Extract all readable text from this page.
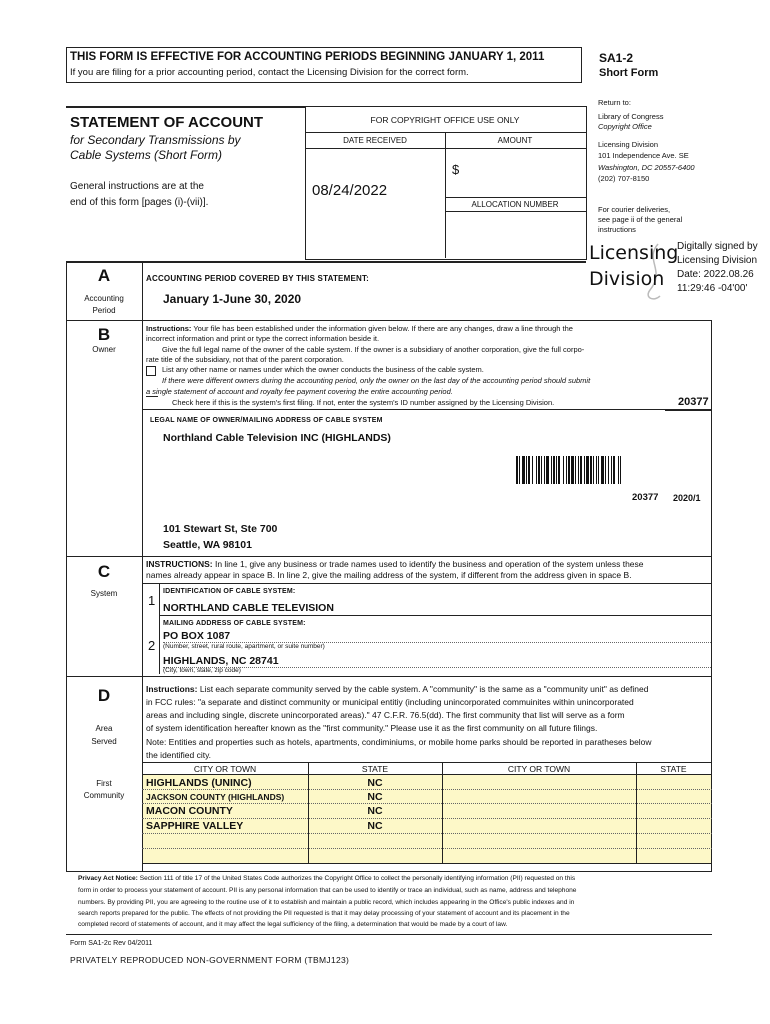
THIS FORM IS EFFECTIVE FOR ACCOUNTING PERIODS BEGINNING JANUARY 1, 2011
If you are filing for a prior accounting period, contact the Licensing Division for the correct form.
SA1-2
Short Form
STATEMENT OF ACCOUNT
for Secondary Transmissions by
Cable Systems (Short Form)
General instructions are at the
end of this form [pages (i)-(vii)].
FOR COPYRIGHT OFFICE USE ONLY
DATE RECEIVED	AMOUNT
$
08/24/2022
ALLOCATION NUMBER
Return to:
Library of Congress
Copyright Office
Licensing Division
101 Independence Ave. SE
Washington, DC 20557-6400
(202) 707-8150
For courier deliveries,
see page ii of the general
instructions
Licensing
Division
Digitally signed by
Licensing Division
Date: 2022.08.26
11:29:46 -04'00'
A
Accounting
Period
ACCOUNTING PERIOD COVERED BY THIS STATEMENT:
January 1-June 30, 2020
B
Owner
Instructions: Your file has been established under the information given below. If there are any changes, draw a line through the
incorrect information and print or type the correct information beside it.
Give the full legal name of the owner of the cable system. If the owner is a subsidiary of another corporation, give the full corpo-
rate title of the subsidiary, not that of the parent corporation.
List any other name or names under which the owner conducts the business of the cable system.
If there were different owners during the accounting period, only the owner on the last day of the accounting period should submit
a single statement of account and royalty fee payment covering the entire accounting period.
Check here if this is the system's first filing. If not, enter the system's ID number assigned by the Licensing Division.	20377
LEGAL NAME OF OWNER/MAILING ADDRESS OF CABLE SYSTEM
Northland Cable Television INC (HIGHLANDS)
20377 2020/1
101 Stewart St, Ste 700
Seattle, WA 98101
C
System
INSTRUCTIONS: In line 1, give any business or trade names used to identify the business and operation of the system unless these
names already appear in space B. In line 2, give the mailing address of the system, if different from the address given in space B.
1
IDENTIFICATION OF CABLE SYSTEM:
NORTHLAND CABLE TELEVISION
MAILING ADDRESS OF CABLE SYSTEM:
2
PO BOX 1087
(Number, street, rural route, apartment, or suite number)
HIGHLANDS, NC 28741
(City, town, state, zip code)
D
Area
Served
First
Community
Instructions: List each separate community served by the cable system. A "community" is the same as a "community unit" as defined
in FCC rules: "a separate and distinct community or municipal entitiy (including unincorporated commuinites within unincorporated
areas and including single, discrete unincorporated areas)." 47 C.F.R. 76.5(dd). The first community that list will serve as a form
of system identification hereafter known as the "first community." Please use it as the first community on all future filings.
Note: Entities and properties such as hotels, apartments, condiminiums, or mobile home parks should be reported in paratheses below
the identified city.
CITY OR TOWN	STATE	CITY OR TOWN	STATE
HIGHLANDS (UNINC)	NC
JACKSON COUNTY (HIGHLANDS)	NC
MACON COUNTY	NC
SAPPHIRE VALLEY	NC
Privacy Act Notice: Section 111 of title 17 of the United States Code authorizes the Copyright Office to collect the personally identifying information (PII) requested on this
form in order to process your statement of account. PII is any personal information that can be used to identify or trace an individual, such as name, address and telephone
numbers. By providing PII, you are agreeing to the routine use of it to establish and maintain a public record, which includes appearing in the Office's public indexes and in
search reports prepared for the public. The effects of not providing the PII requested is that it may delay processing of your statement of account and its placement in the
completed record of statements of account, and it may affect the legal sufficiency of the filing, a determination that would be made by a court of law.
Form SA1-2c Rev 04/2011
PRIVATELY REPRODUCED NON-GOVERNMENT FORM (TBMJ123)
